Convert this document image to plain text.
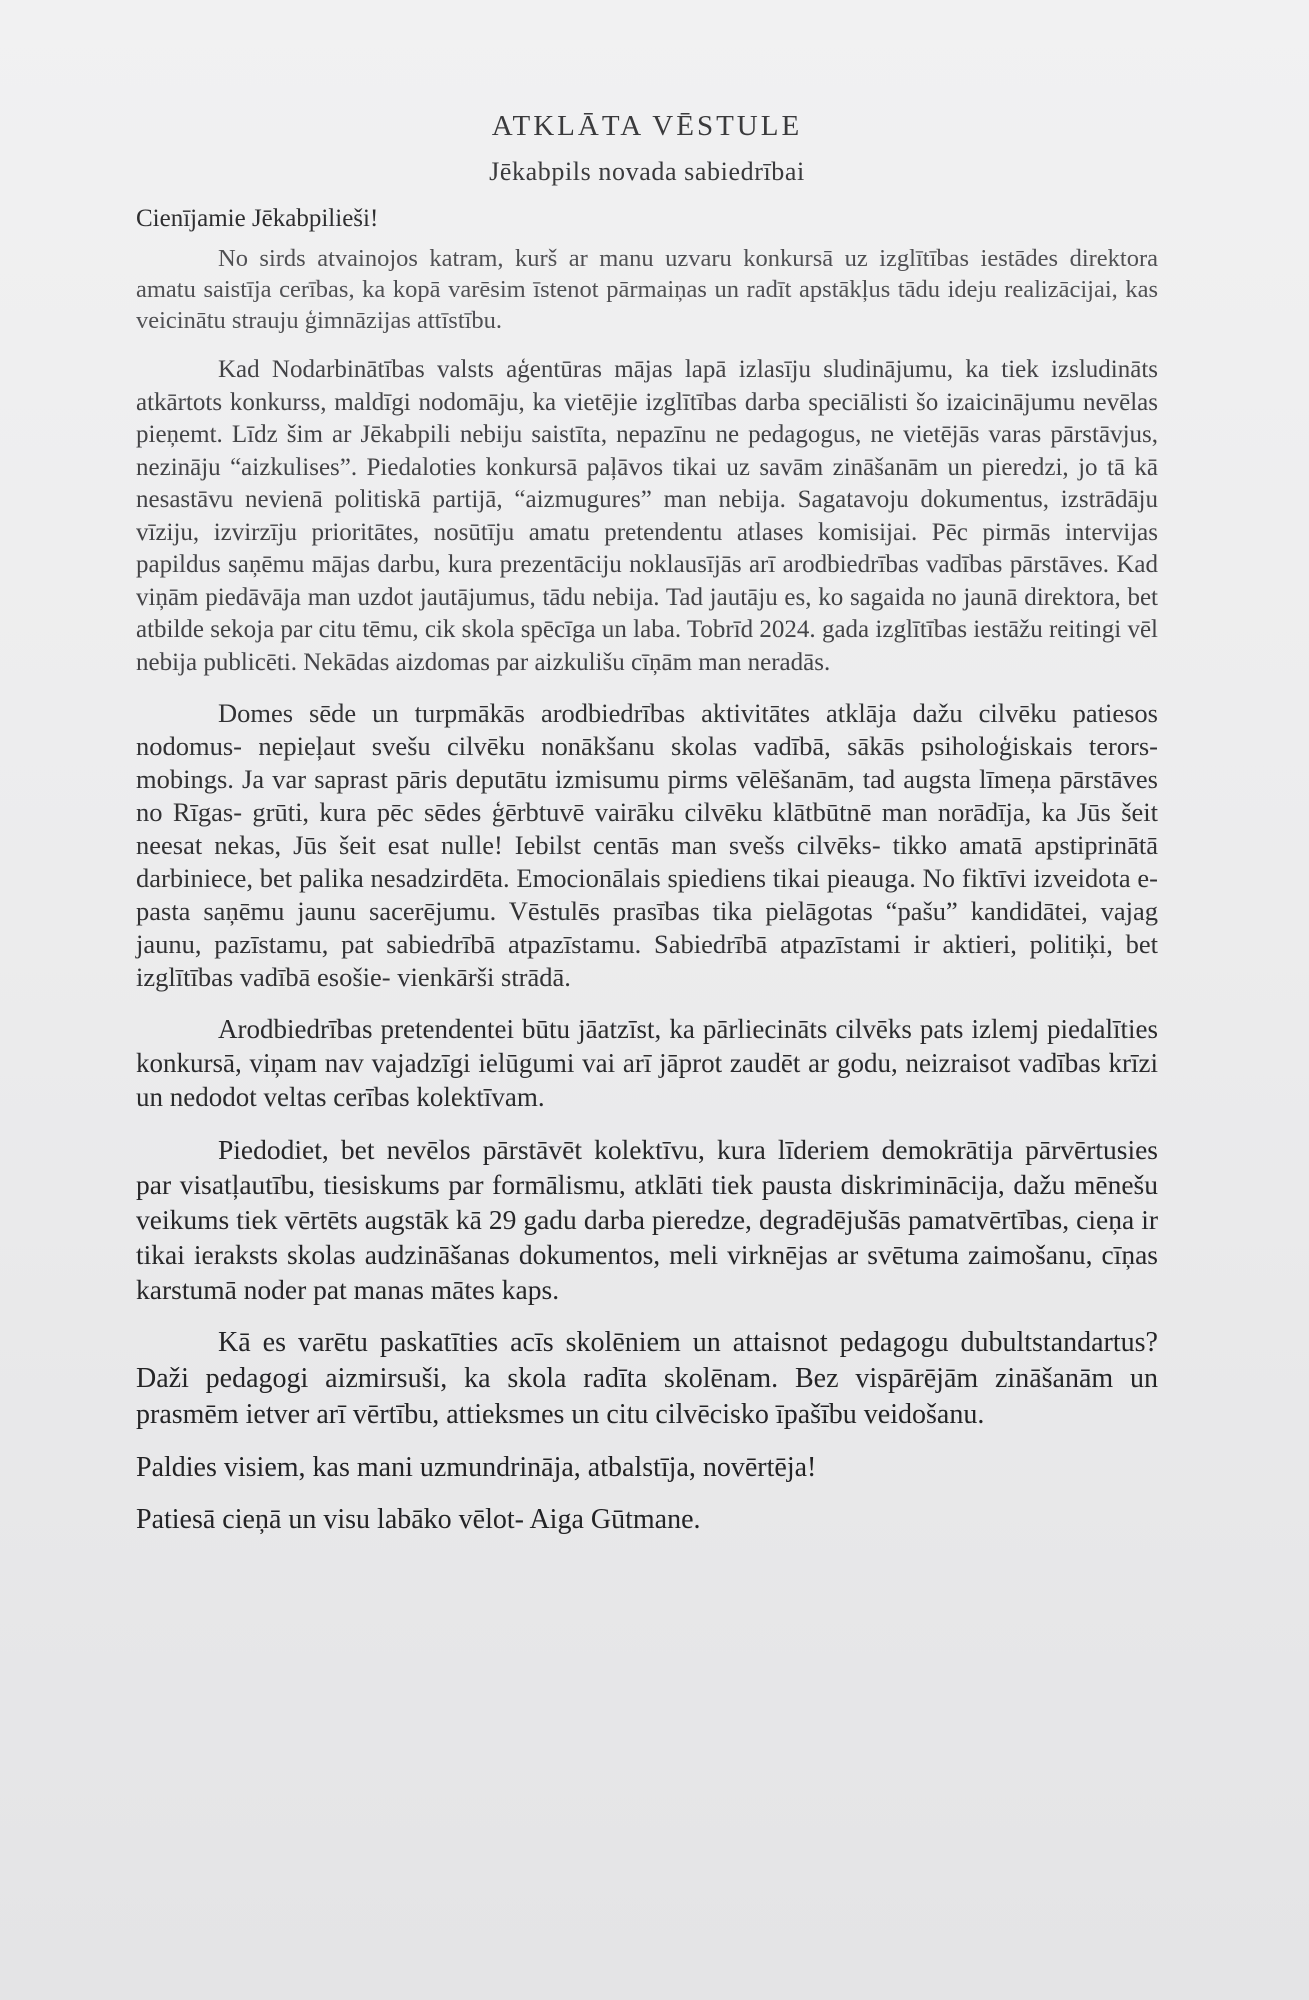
ATKLĀTA VĒSTULE
Jēkabpils novada sabiedrībai
Cienījamie Jēkabpilieši!

No sirds atvainojos katram, kurš ar manu uzvaru konkursā uz izglītības iestādes direktora amatu saistīja cerības, ka kopā varēsim īstenot pārmaiņas un radīt apstākļus tādu ideju realizācijai, kas veicinātu strauju ģimnāzijas attīstību.

Kad Nodarbinātības valsts aģentūras mājas lapā izlasīju sludinājumu, ka tiek izsludināts atkārtots konkurss, maldīgi nodomāju, ka vietējie izglītības darba speciālisti šo izaicinājumu nevēlas pieņemt. Līdz šim ar Jēkabpili nebiju saistīta, nepazīnu ne pedagogus, ne vietējās varas pārstāvjus, nezināju “aizkulises”. Piedaloties konkursā paļāvos tikai uz savām zināšanām un pieredzi, jo tā kā nesastāvu nevienā politiskā partijā, “aizmugures” man nebija. Sagatavoju dokumentus, izstrādāju vīziju, izvirzīju prioritātes, nosūtīju amatu pretendentu atlases komisijai. Pēc pirmās intervijas papildus saņēmu mājas darbu, kura prezentāciju noklausījās arī arodbiedrības vadības pārstāves. Kad viņām piedāvāja man uzdot jautājumus, tādu nebija. Tad jautāju es, ko sagaida no jaunā direktora, bet atbilde sekoja par citu tēmu, cik skola spēcīga un laba. Tobrīd 2024. gada izglītības iestāžu reitingi vēl nebija publicēti. Nekādas aizdomas par aizkulišu cīņām man neradās.

Domes sēde un turpmākās arodbiedrības aktivitātes atklāja dažu cilvēku patiesos nodomus- nepieļaut svešu cilvēku nonākšanu skolas vadībā, sākās psiholoģiskais terors- mobings. Ja var saprast pāris deputātu izmisumu pirms vēlēšanām, tad augsta līmeņa pārstāves no Rīgas- grūti, kura pēc sēdes ģērbtuvē vairāku cilvēku klātbūtnē man norādīja, ka Jūs šeit neesat nekas, Jūs šeit esat nulle! Iebilst centās man svešs cilvēks- tikko amatā apstiprinātā darbiniece, bet palika nesadzirdēta. Emocionālais spiediens tikai pieauga. No fiktīvi izveidota e-pasta saņēmu jaunu sacerējumu. Vēstulēs prasības tika pielāgotas “pašu” kandidātei, vajag jaunu, pazīstamu, pat sabiedrībā atpazīstamu. Sabiedrībā atpazīstami ir aktieri, politiķi, bet izglītības vadībā esošie- vienkārši strādā.

Arodbiedrības pretendentei būtu jāatzīst, ka pārliecināts cilvēks pats izlemj piedalīties konkursā, viņam nav vajadzīgi ielūgumi vai arī jāprot zaudēt ar godu, neizraisot vadības krīzi un nedodot veltas cerības kolektīvam.

Piedodiet, bet nevēlos pārstāvēt kolektīvu, kura līderiem demokrātija pārvērtusies par visatļautību, tiesiskums par formālismu, atklāti tiek pausta diskriminācija, dažu mēnešu veikums tiek vērtēts augstāk kā 29 gadu darba pieredze, degradējušās pamatvērtības, cieņa ir tikai ieraksts skolas audzināšanas dokumentos, meli virknējas ar svētuma zaimošanu, cīņas karstumā noder pat manas mātes kaps.

Kā es varētu paskatīties acīs skolēniem un attaisnot pedagogu dubultstandartus? Daži pedagogi aizmirsuši, ka skola radīta skolēnam. Bez vispārējām zināšanām un prasmēm ietver arī vērtību, attieksmes un citu cilvēcisko īpašību veidošanu.

Paldies visiem, kas mani uzmundrināja, atbalstīja, novērtēja!
Patiesā cieņā un visu labāko vēlot- Aiga Gūtmane.
